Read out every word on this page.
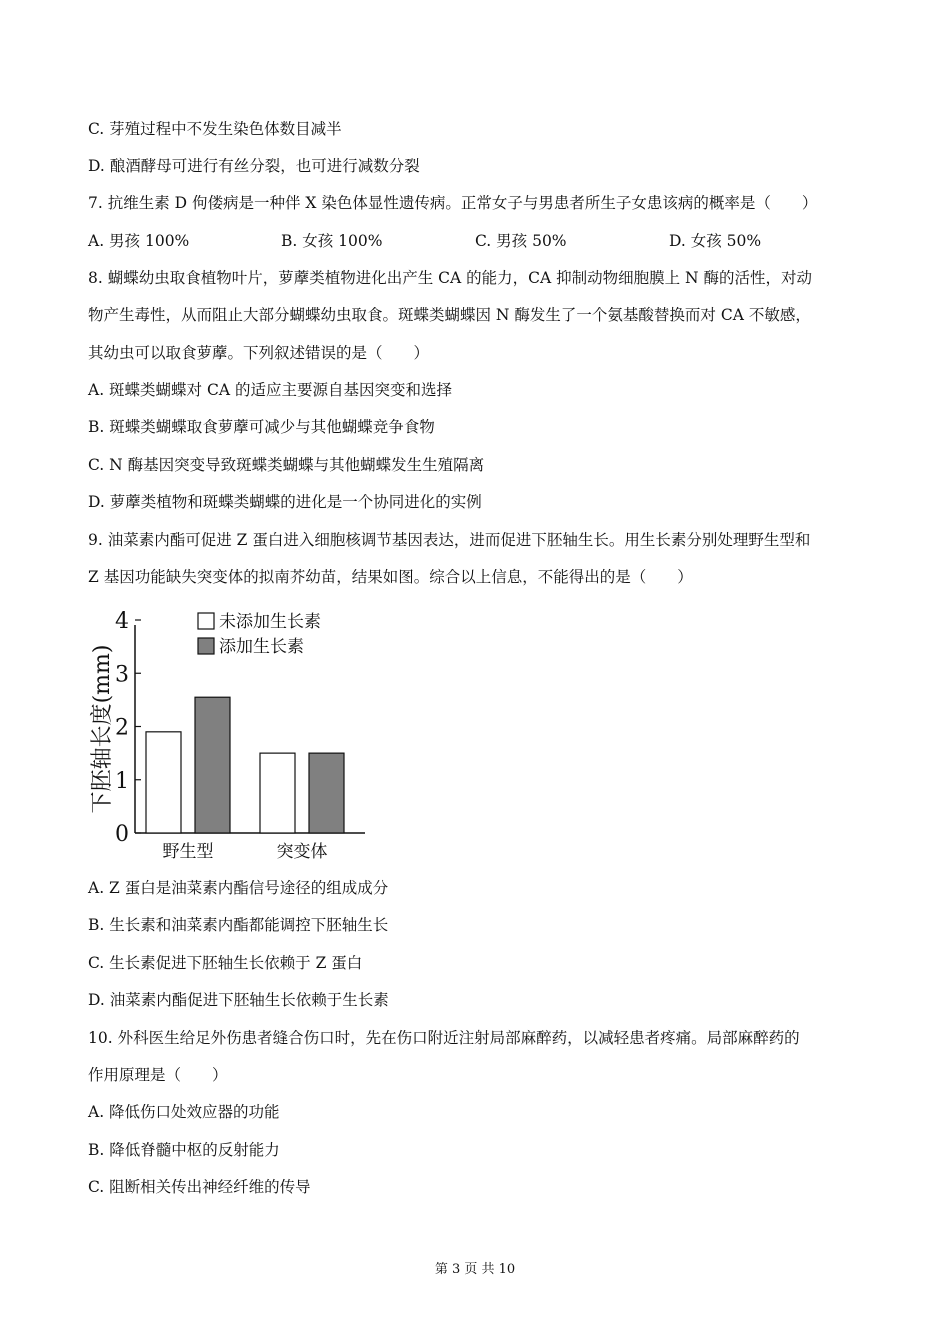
C. 芽殖过程中不发生染色体数目减半
D. 酿酒酵母可进行有丝分裂，也可进行减数分裂
7. 抗维生素 D 佝偻病是一种伴 X 染色体显性遗传病。正常女子与男患者所生子女患该病的概率是（　　）
A. 男孩 100%	B. 女孩 100%	C. 男孩 50%	D. 女孩 50%
8. 蝴蝶幼虫取食植物叶片，萝藦类植物进化出产生 CA 的能力，CA 抑制动物细胞膜上 N 酶的活性，对动
物产生毒性，从而阻止大部分蝴蝶幼虫取食。斑蝶类蝴蝶因 N 酶发生了一个氨基酸替换而对 CA 不敏感，
其幼虫可以取食萝藦。下列叙述错误的是（　　）
A. 斑蝶类蝴蝶对 CA 的适应主要源自基因突变和选择
B. 斑蝶类蝴蝶取食萝藦可减少与其他蝴蝶竞争食物
C. N 酶基因突变导致斑蝶类蝴蝶与其他蝴蝶发生生殖隔离
D. 萝藦类植物和斑蝶类蝴蝶的进化是一个协同进化的实例
9. 油菜素内酯可促进 Z 蛋白进入细胞核调节基因表达，进而促进下胚轴生长。用生长素分别处理野生型和
Z 基因功能缺失突变体的拟南芥幼苗，结果如图。综合以上信息，不能得出的是（　　）
下胚轴长度(mm)
未添加生长素
添加生长素
0
1
2
3
4
野生型	突变体
A. Z 蛋白是油菜素内酯信号途径的组成成分
B. 生长素和油菜素内酯都能调控下胚轴生长
C. 生长素促进下胚轴生长依赖于 Z 蛋白
D. 油菜素内酯促进下胚轴生长依赖于生长素
10. 外科医生给足外伤患者缝合伤口时，先在伤口附近注射局部麻醉药，以减轻患者疼痛。局部麻醉药的
作用原理是（　　）
A. 降低伤口处效应器的功能
B. 降低脊髓中枢的反射能力
C. 阻断相关传出神经纤维的传导
第 3 页 共 10
